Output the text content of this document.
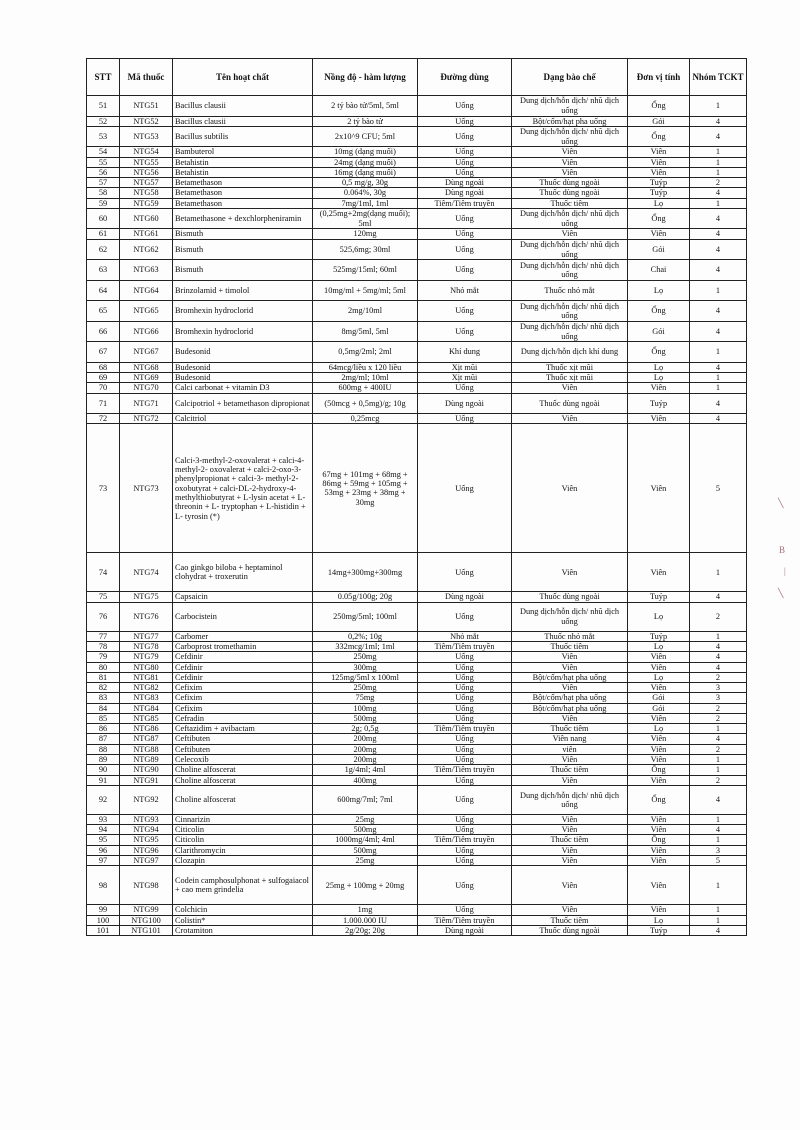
STT	Mã thuốc	Tên hoạt chất	Nồng độ - hàm lượng	Đường dùng	Dạng bào chế	Đơn vị tính	Nhóm TCKT
51	NTG51	Bacillus clausii	2 tỷ bào tử/5ml, 5ml	Uống	Dung dịch/hỗn dịch/ nhũ dịch uống	Ống	1
52	NTG52	Bacillus clausii	2 tỷ bào tử	Uống	Bột/cốm/hạt pha uống	Gói	4
53	NTG53	Bacillus subtilis	2x10^9 CFU; 5ml	Uống	Dung dịch/hỗn dịch/ nhũ dịch uống	Ống	4
54	NTG54	Bambuterol	10mg (dạng muối)	Uống	Viên	Viên	1
55	NTG55	Betahistin	24mg (dạng muối)	Uống	Viên	Viên	1
56	NTG56	Betahistin	16mg (dạng muối)	Uống	Viên	Viên	1
57	NTG57	Betamethason	0,5 mg/g, 30g	Dùng ngoài	Thuốc dùng ngoài	Tuýp	2
58	NTG58	Betamethason	0.064%, 30g	Dùng ngoài	Thuốc dùng ngoài	Tuýp	4
59	NTG59	Betamethason	7mg/1ml, 1ml	Tiêm/Tiêm truyền	Thuốc tiêm	Lọ	1
60	NTG60	Betamethasone + dexchlorpheniramin	(0,25mg+2mg(dạng muối); 5ml	Uống	Dung dịch/hỗn dịch/ nhũ dịch uống	Ống	4
61	NTG61	Bismuth	120mg	Uống	Viên	Viên	4
62	NTG62	Bismuth	525,6mg; 30ml	Uống	Dung dịch/hỗn dịch/ nhũ dịch uống	Gói	4
63	NTG63	Bismuth	525mg/15ml; 60ml	Uống	Dung dịch/hỗn dịch/ nhũ dịch uống	Chai	4
64	NTG64	Brinzolamid + timolol	10mg/ml + 5mg/ml; 5ml	Nhỏ mắt	Thuốc nhỏ mắt	Lọ	1
65	NTG65	Bromhexin hydroclorid	2mg/10ml	Uống	Dung dịch/hỗn dịch/ nhũ dịch uống	Ống	4
66	NTG66	Bromhexin hydroclorid	8mg/5ml, 5ml	Uống	Dung dịch/hỗn dịch/ nhũ dịch uống	Gói	4
67	NTG67	Budesonid	0,5mg/2ml; 2ml	Khí dung	Dung dịch/hỗn dịch khí dung	Ống	1
68	NTG68	Budesonid	64mcg/liều x 120 liều	Xịt mũi	Thuốc xịt mũi	Lọ	4
69	NTG69	Budesonid	2mg/ml; 10ml	Xịt mũi	Thuốc xịt mũi	Lọ	1
70	NTG70	Calci carbonat + vitamin D3	600mg + 400IU	Uống	Viên	Viên	1
71	NTG71	Calcipotriol + betamethason dipropionat	(50mcg + 0,5mg)/g; 10g	Dùng ngoài	Thuốc dùng ngoài	Tuýp	4
72	NTG72	Calcitriol	0,25mcg	Uống	Viên	Viên	4
73	NTG73	Calci-3-methyl-2-oxovalerat + calci-4-methyl-2- oxovalerat + calci-2-oxo-3- phenylpropionat + calci-3- methyl-2-oxobutyrat + calci-DL-2-hydroxy-4- methylthiobutyrat + L-lysin acetat + L-threonin + L- tryptophan + L-histidin + L- tyrosin (*)	67mg + 101mg + 68mg + 86mg + 59mg + 105mg + 53mg + 23mg + 38mg + 30mg	Uống	Viên	Viên	5
74	NTG74	Cao ginkgo biloba + heptaminol clohydrat + troxerutin	14mg+300mg+300mg	Uống	Viên	Viên	1
75	NTG75	Capsaicin	0.05g/100g; 20g	Dùng ngoài	Thuốc dùng ngoài	Tuýp	4
76	NTG76	Carbocistein	250mg/5ml; 100ml	Uống	Dung dịch/hỗn dịch/ nhũ dịch uống	Lọ	2
77	NTG77	Carbomer	0,2%; 10g	Nhỏ mắt	Thuốc nhỏ mắt	Tuýp	1
78	NTG78	Carboprost tromethamin	332mcg/1ml; 1ml	Tiêm/Tiêm truyền	Thuốc tiêm	Lọ	4
79	NTG79	Cefdinir	250mg	Uống	Viên	Viên	4
80	NTG80	Cefdinir	300mg	Uống	Viên	Viên	4
81	NTG81	Cefdinir	125mg/5ml x 100ml	Uống	Bột/cốm/hạt pha uống	Lọ	2
82	NTG82	Cefixim	250mg	Uống	Viên	Viên	3
83	NTG83	Cefixim	75mg	Uống	Bột/cốm/hạt pha uống	Gói	3
84	NTG84	Cefixim	100mg	Uống	Bột/cốm/hạt pha uống	Gói	2
85	NTG85	Cefradin	500mg	Uống	Viên	Viên	2
86	NTG86	Ceftazidim + avibactam	2g; 0,5g	Tiêm/Tiêm truyền	Thuốc tiêm	Lọ	1
87	NTG87	Ceftibuten	200mg	Uống	Viên nang	Viên	4
88	NTG88	Ceftibuten	200mg	Uống	viên	Viên	2
89	NTG89	Celecoxib	200mg	Uống	Viên	Viên	1
90	NTG90	Choline alfoscerat	1g/4ml; 4ml	Tiêm/Tiêm truyền	Thuốc tiêm	Ống	1
91	NTG91	Choline alfoscerat	400mg	Uống	Viên	Viên	2
92	NTG92	Choline alfoscerat	600mg/7ml; 7ml	Uống	Dung dịch/hỗn dịch/ nhũ dịch uống	Ống	4
93	NTG93	Cinnarizin	25mg	Uống	Viên	Viên	1
94	NTG94	Citicolin	500mg	Uống	Viên	Viên	4
95	NTG95	Citicolin	1000mg/4ml; 4ml	Tiêm/Tiêm truyền	Thuốc tiêm	Ống	1
96	NTG96	Clarithromycin	500mg	Uống	Viên	Viên	3
97	NTG97	Clozapin	25mg	Uống	Viên	Viên	5
98	NTG98	Codein camphosulphonat + sulfogaiacol + cao mem grindelia	25mg + 100mg + 20mg	Uống	Viên	Viên	1
99	NTG99	Colchicin	1mg	Uống	Viên	Viên	1
100	NTG100	Colistin*	1.000.000 IU	Tiêm/Tiêm truyền	Thuốc tiêm	Lọ	1
101	NTG101	Crotamiton	2g/20g; 20g	Dùng ngoài	Thuốc dùng ngoài	Tuýp	4
╲
B
|
╲
